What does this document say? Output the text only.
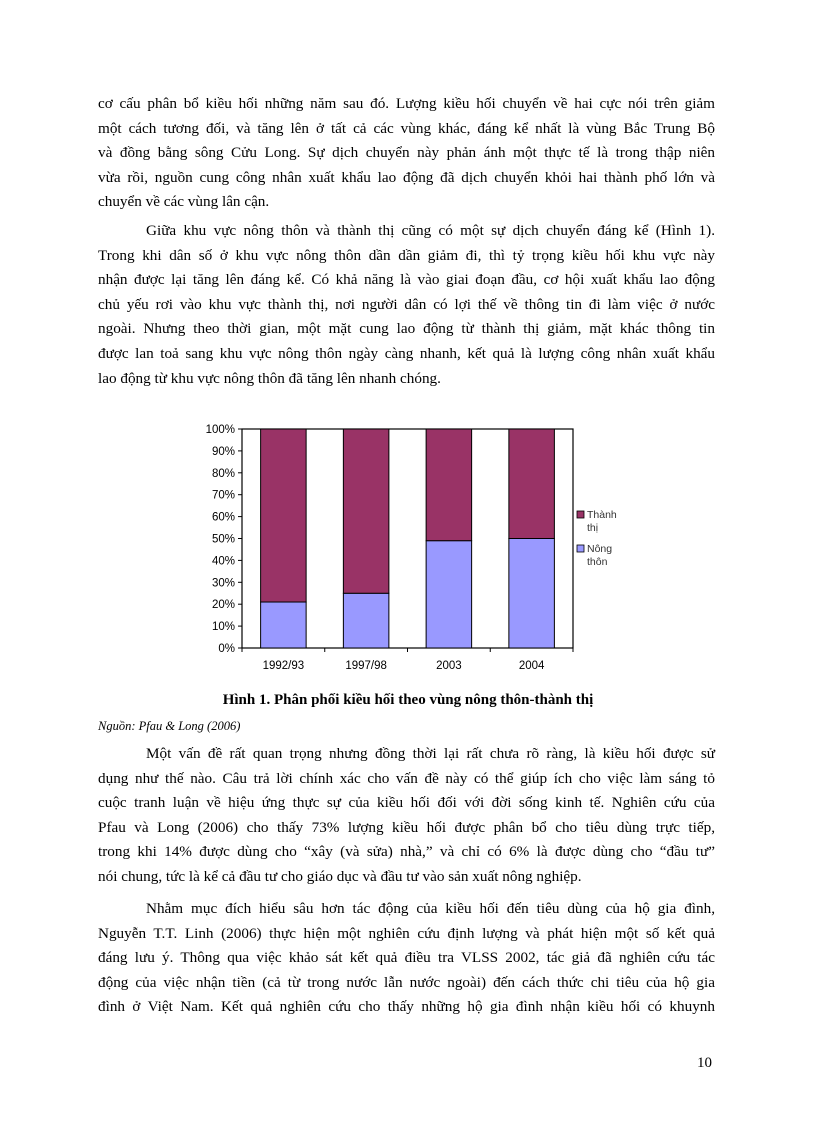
cơ cấu phân bổ kiều hối những năm sau đó. Lượng kiều hối chuyển về hai cực nói trên giảm
một cách tương đối, và tăng lên ở tất cả các vùng khác, đáng kể nhất là vùng Bắc Trung Bộ
và đồng bằng sông Cửu Long. Sự dịch chuyển này phản ánh một thực tế là trong thập niên
vừa rồi, nguồn cung công nhân xuất khẩu lao động đã dịch chuyển khỏi hai thành phố lớn và
chuyển về các vùng lân cận.
Giữa khu vực nông thôn và thành thị cũng có một sự dịch chuyển đáng kể (Hình 1).
Trong khi dân số ở khu vực nông thôn dần dần giảm đi, thì tỷ trọng kiều hối khu vực này
nhận được lại tăng lên đáng kể. Có khả năng là vào giai đoạn đầu, cơ hội xuất khẩu lao động
chủ yếu rơi vào khu vực thành thị, nơi người dân có lợi thế về thông tin đi làm việc ở nước
ngoài. Nhưng theo thời gian, một mặt cung lao động từ thành thị giảm, mặt khác thông tin
được lan toả sang khu vực nông thôn ngày càng nhanh, kết quả là lượng công nhân xuất khẩu
lao động từ khu vực nông thôn đã tăng lên nhanh chóng.
0%
10%
20%
30%
40%
50%
60%
70%
80%
90%
100%
1992/93	1997/98	2003	2004
Thành
thị
Nông
thôn
Hình 1. Phân phối kiều hối theo vùng nông thôn-thành thị
Nguồn: Pfau & Long (2006)
Một vấn đề rất quan trọng nhưng đồng thời lại rất chưa rõ ràng, là kiều hối được sử
dụng như thế nào. Câu trả lời chính xác cho vấn đề này có thể giúp ích cho việc làm sáng tỏ
cuộc tranh luận về hiệu ứng thực sự của kiều hối đối với đời sống kinh tế. Nghiên cứu của
Pfau và Long (2006) cho thấy 73% lượng kiều hối được phân bổ cho tiêu dùng trực tiếp,
trong khi 14% được dùng cho “xây (và sửa) nhà,” và chỉ có 6% là được dùng cho “đầu tư”
nói chung, tức là kể cả đầu tư cho giáo dục và đầu tư vào sản xuất nông nghiệp.
Nhằm mục đích hiểu sâu hơn tác động của kiều hối đến tiêu dùng của hộ gia đình,
Nguyễn T.T. Linh (2006) thực hiện một nghiên cứu định lượng và phát hiện một số kết quả
đáng lưu ý. Thông qua việc khảo sát kết quả điều tra VLSS 2002, tác giả đã nghiên cứu tác
động của việc nhận tiền (cả từ trong nước lẫn nước ngoài) đến cách thức chi tiêu của hộ gia
đình ở Việt Nam. Kết quả nghiên cứu cho thấy những hộ gia đình nhận kiều hối có khuynh
10
